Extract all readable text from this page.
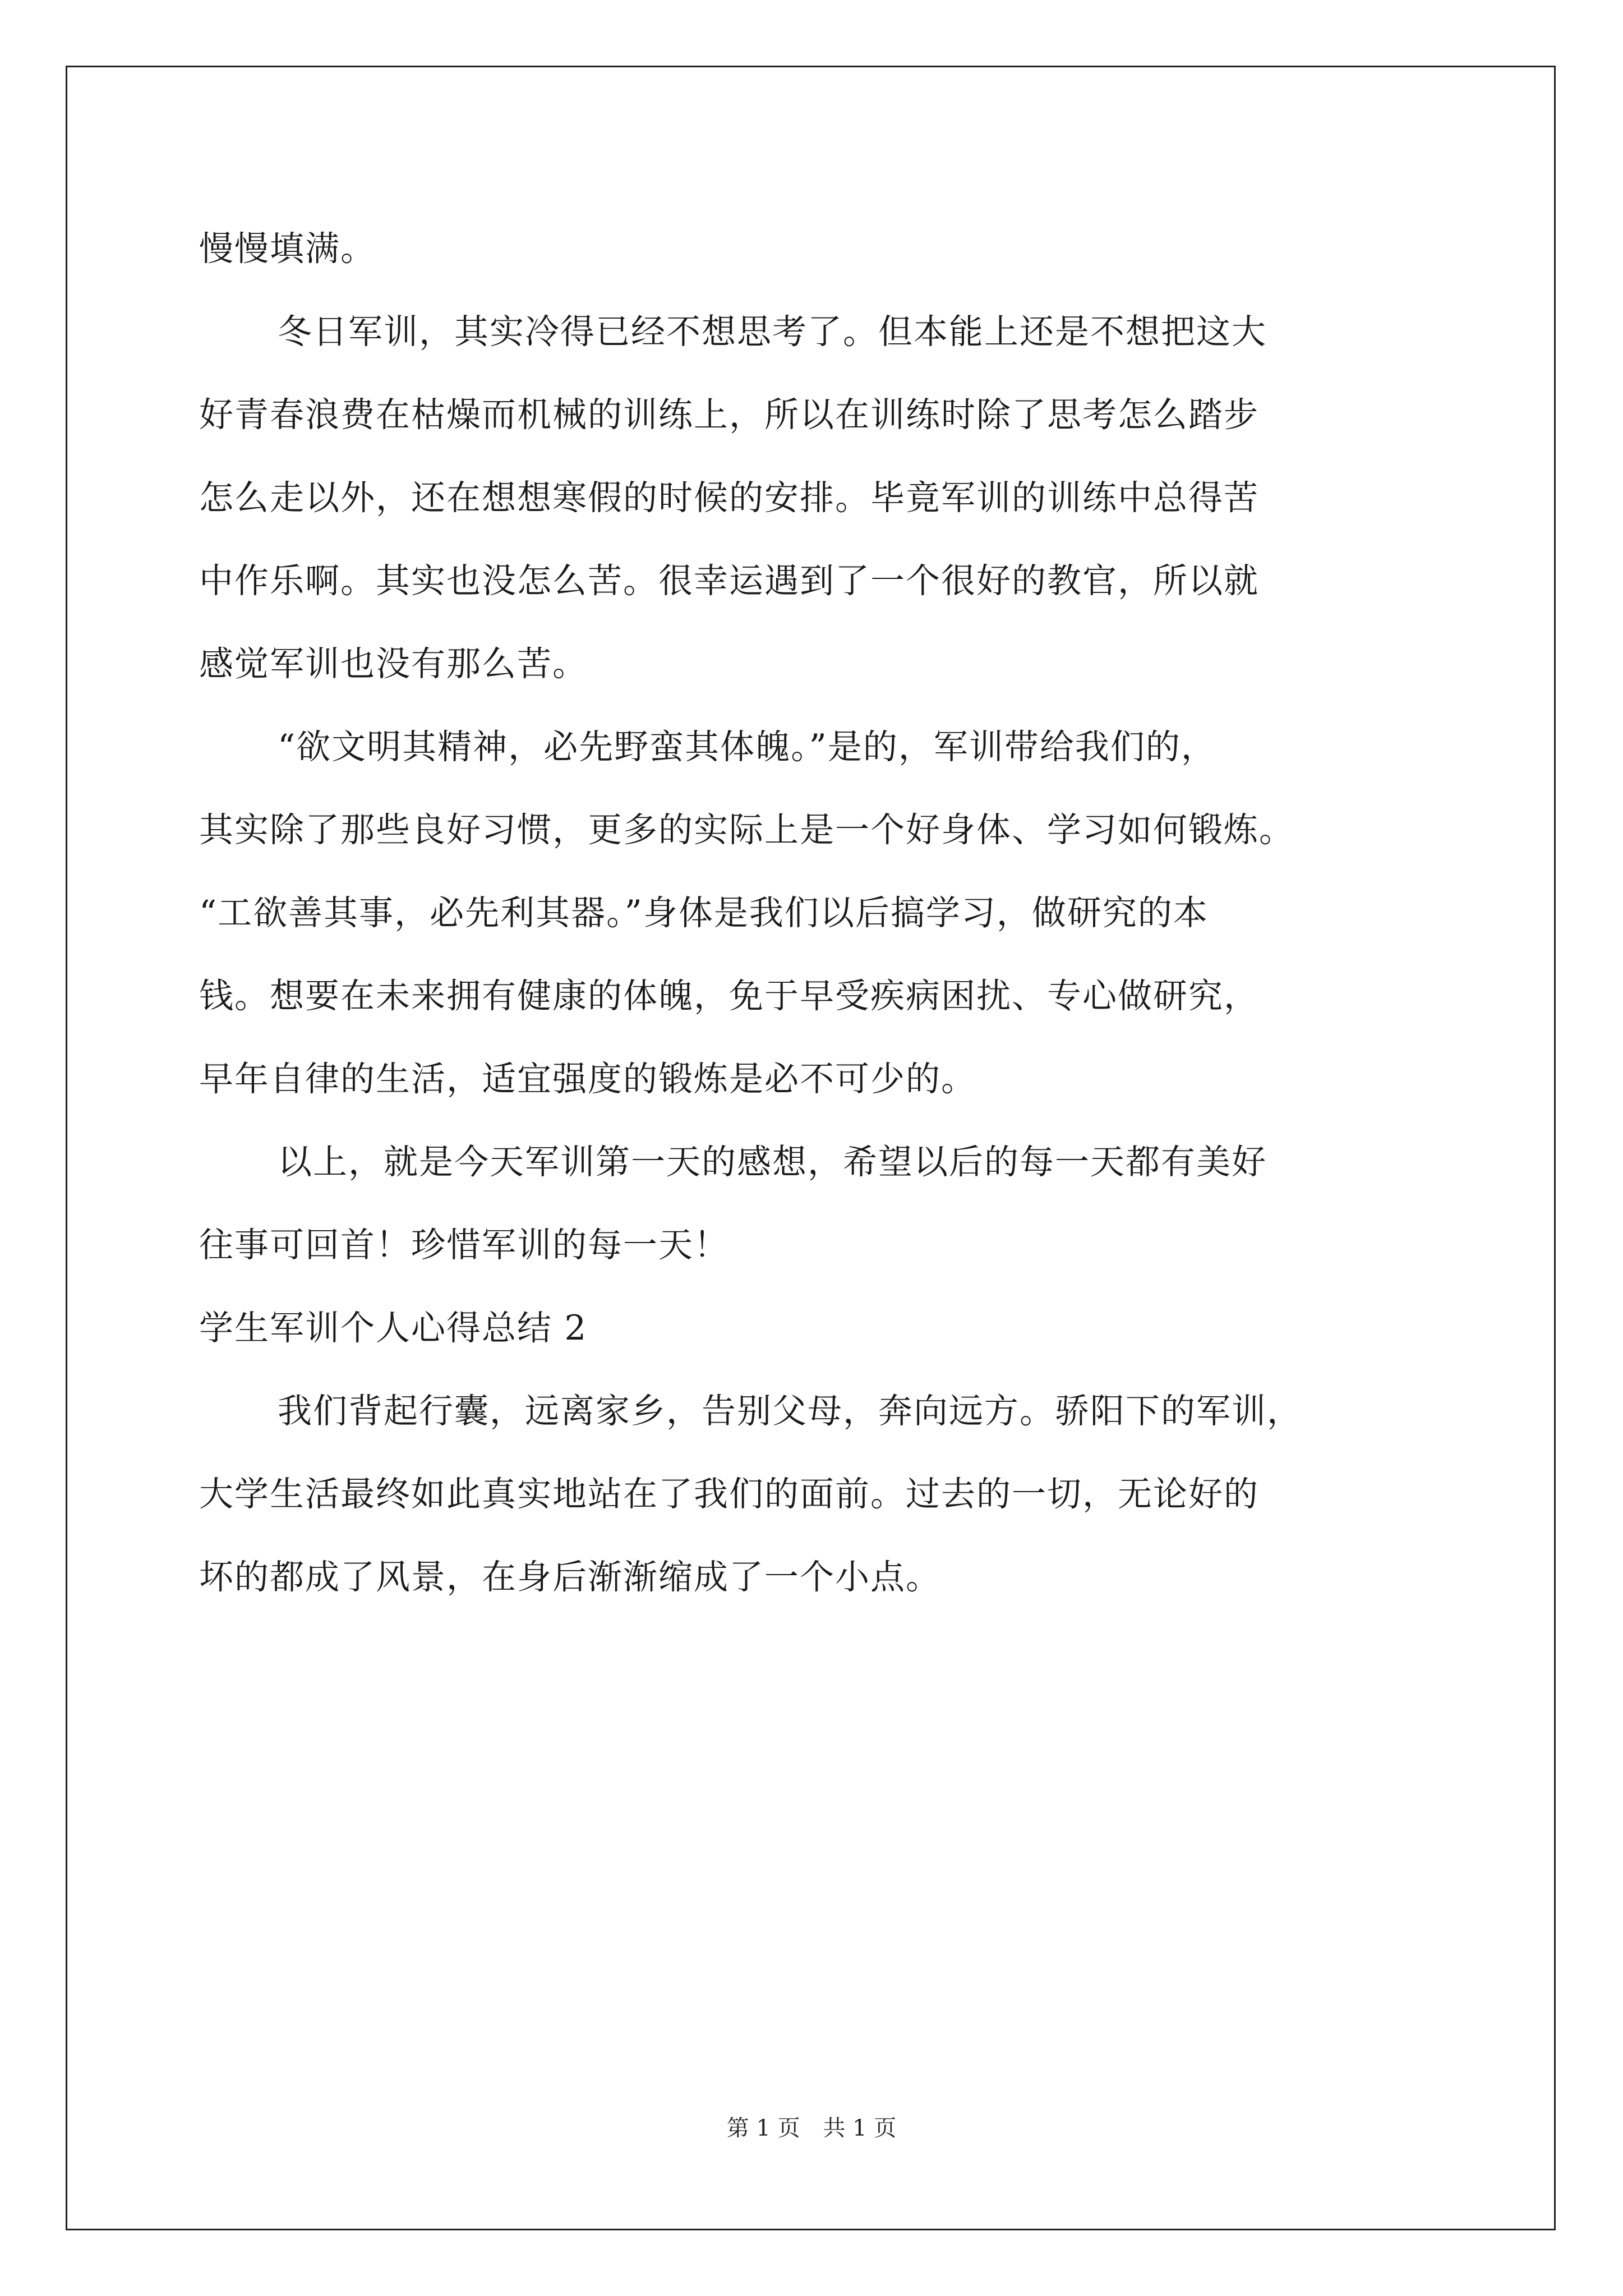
慢慢填满。
冬日军训，其实冷得已经不想思考了。但本能上还是不想把这大
好青春浪费在枯燥而机械的训练上，所以在训练时除了思考怎么踏步
怎么走以外，还在想想寒假的时候的安排。毕竟军训的训练中总得苦
中作乐啊。其实也没怎么苦。很幸运遇到了一个很好的教官，所以就
感觉军训也没有那么苦。
“欲文明其精神，必先野蛮其体魄。”是的，军训带给我们的，
其实除了那些良好习惯，更多的实际上是一个好身体、学习如何锻炼。
“工欲善其事，必先利其器。”身体是我们以后搞学习，做研究的本
钱。想要在未来拥有健康的体魄，免于早受疾病困扰、专心做研究，
早年自律的生活，适宜强度的锻炼是必不可少的。
以上，就是今天军训第一天的感想，希望以后的每一天都有美好
往事可回首！珍惜军训的每一天！
学生军训个人心得总结 2
我们背起行囊，远离家乡，告别父母，奔向远方。骄阳下的军训，
大学生活最终如此真实地站在了我们的面前。过去的一切，无论好的
坏的都成了风景，在身后渐渐缩成了一个小点。
第 1 页 共 1 页
